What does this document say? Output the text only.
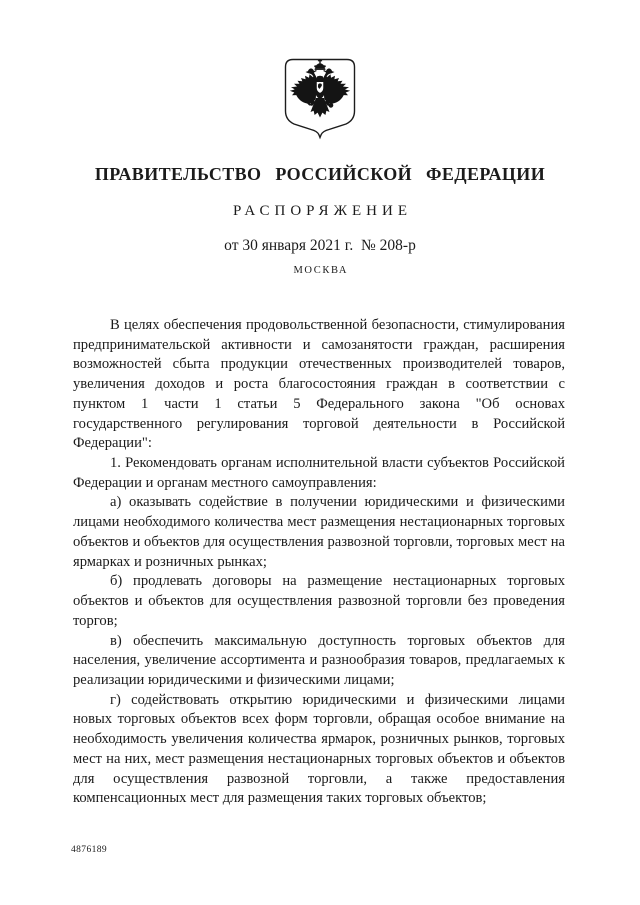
ПРАВИТЕЛЬСТВО РОССИЙСКОЙ ФЕДЕРАЦИИ
РАСПОРЯЖЕНИЕ
от 30 января 2021 г.  № 208-р
МОСКВА

В целях обеспечения продовольственной безопасности, стимулирования предпринимательской активности и самозанятости граждан, расширения возможностей сбыта продукции отечественных производителей товаров, увеличения доходов и роста благосостояния граждан в соответствии с пунктом 1 части 1 статьи 5 Федерального закона "Об основах государственного регулирования торговой деятельности в Российской Федерации":

1. Рекомендовать органам исполнительной власти субъектов Российской Федерации и органам местного самоуправления:

а) оказывать содействие в получении юридическими и физическими лицами необходимого количества мест размещения нестационарных торговых объектов и объектов для осуществления развозной торговли, торговых мест на ярмарках и розничных рынках;

б) продлевать договоры на размещение нестационарных торговых объектов и объектов для осуществления развозной торговли без проведения торгов;

в) обеспечить максимальную доступность торговых объектов для населения, увеличение ассортимента и разнообразия товаров, предлагаемых к реализации юридическими и физическими лицами;

г) содействовать открытию юридическими и физическими лицами новых торговых объектов всех форм торговли, обращая особое внимание на необходимость увеличения количества ярмарок, розничных рынков, торговых мест на них, мест размещения нестационарных торговых объектов и объектов для осуществления развозной торговли, а также предоставления компенсационных мест для размещения таких торговых объектов;

4876189
